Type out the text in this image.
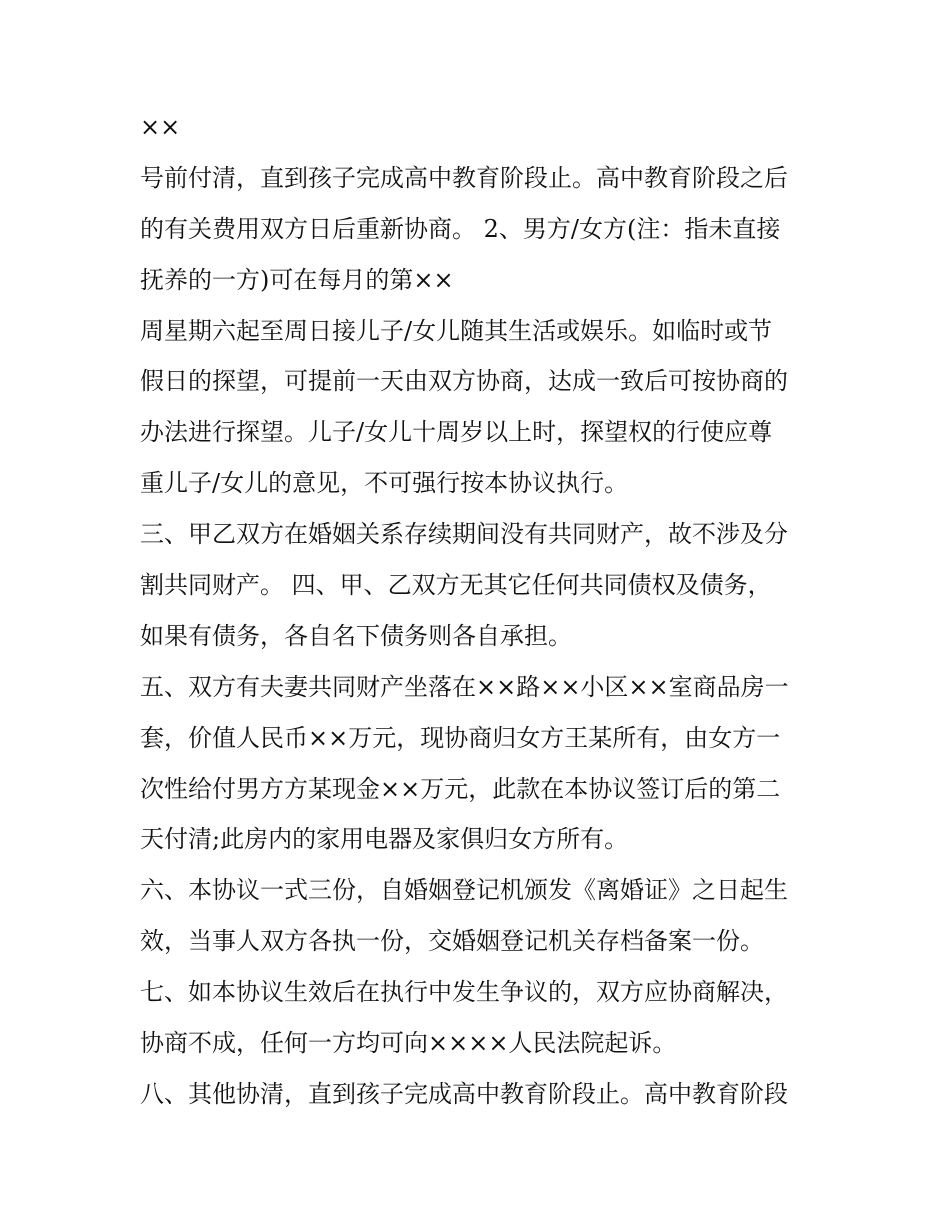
××
号前付清，直到孩子完成高中教育阶段止。高中教育阶段之后
的有关费用双方日后重新协商。 2、男方/女方(注：指未直接
抚养的一方)可在每月的第××
周星期六起至周日接儿子/女儿随其生活或娱乐。如临时或节
假日的探望，可提前一天由双方协商，达成一致后可按协商的
办法进行探望。儿子/女儿十周岁以上时，探望权的行使应尊
重儿子/女儿的意见，不可强行按本协议执行。
三、甲乙双方在婚姻关系存续期间没有共同财产，故不涉及分
割共同财产。 四、甲、乙双方无其它任何共同债权及债务，
如果有债务，各自名下债务则各自承担。
五、双方有夫妻共同财产坐落在××路××小区××室商品房一
套，价值人民币××万元，现协商归女方王某所有，由女方一
次性给付男方方某现金××万元，此款在本协议签订后的第二
天付清;此房内的家用电器及家俱归女方所有。
六、本协议一式三份，自婚姻登记机颁发《离婚证》之日起生
效，当事人双方各执一份，交婚姻登记机关存档备案一份。
七、如本协议生效后在执行中发生争议的，双方应协商解决，
协商不成，任何一方均可向××××人民法院起诉。
八、其他协清，直到孩子完成高中教育阶段止。高中教育阶段
